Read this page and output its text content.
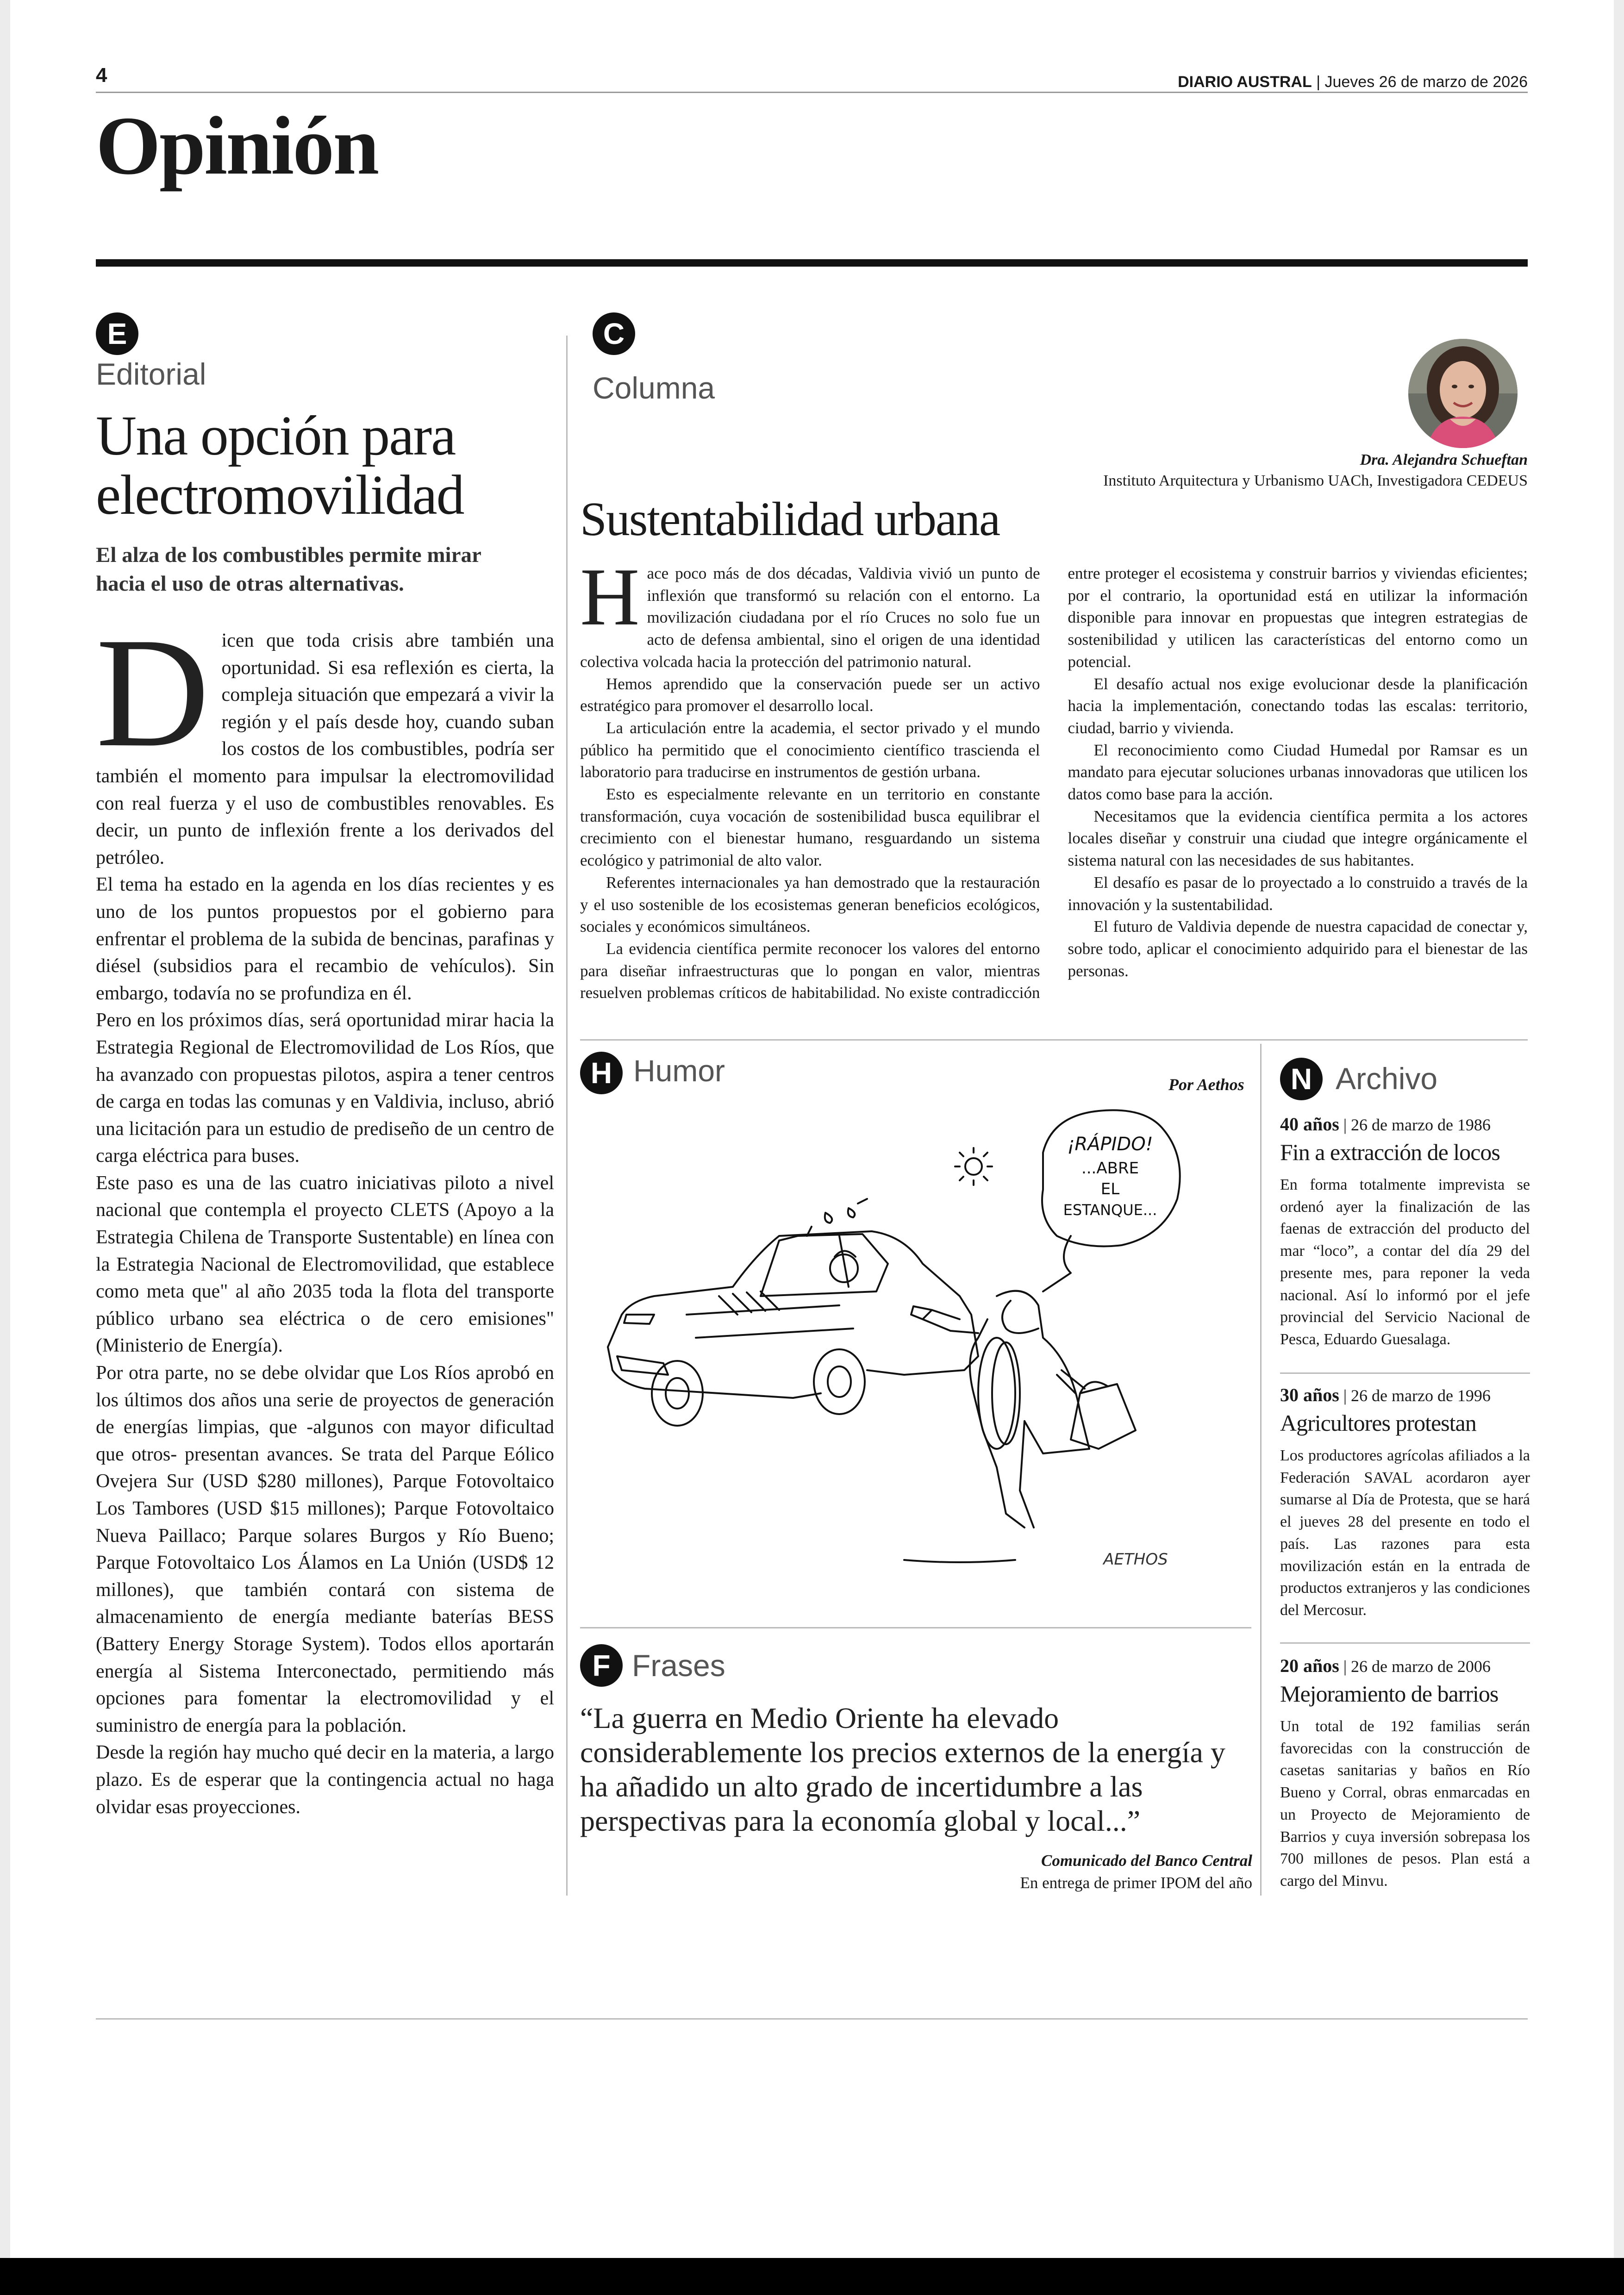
4	DIARIO AUSTRAL | Jueves 26 de marzo de 2026
Opinión
E
Editorial
Una opción para electromovilidad
El alza de los combustibles permite mirar hacia el uso de otras alternativas.

Dicen que toda crisis abre también una oportunidad. Si esa reflexión es cierta, la compleja situación que empezará a vivir la región y el país desde hoy, cuando suban los costos de los combustibles, podría ser también el momento para impulsar la electromovilidad con real fuerza y el uso de combustibles renovables. Es decir, un punto de inflexión frente a los derivados del petróleo.

El tema ha estado en la agenda en los días recientes y es uno de los puntos propuestos por el gobierno para enfrentar el problema de la subida de bencinas, parafinas y diésel (subsidios para el recambio de vehículos). Sin embargo, todavía no se profundiza en él.

Pero en los próximos días, será oportunidad mirar hacia la Estrategia Regional de Electromovilidad de Los Ríos, que ha avanzado con propuestas pilotos, aspira a tener centros de carga en todas las comunas y en Valdivia, incluso, abrió una licitación para un estudio de prediseño de un centro de carga eléctrica para buses.

Este paso es una de las cuatro iniciativas piloto a nivel nacional que contempla el proyecto CLETS (Apoyo a la Estrategia Chilena de Transporte Sustentable) en línea con la Estrategia Nacional de Electromovilidad, que establece como meta que" al año 2035 toda la flota del transporte público urbano sea eléctrica o de cero emisiones" (Ministerio de Energía).

Por otra parte, no se debe olvidar que Los Ríos aprobó en los últimos dos años una serie de proyectos de generación de energías limpias, que -algunos con mayor dificultad que otros- presentan avances. Se trata del Parque Eólico Ovejera Sur (USD $280 millones), Parque Fotovoltaico Los Tambores (USD $15 millones); Parque Fotovoltaico Nueva Paillaco; Parque solares Burgos y Río Bueno; Parque Fotovoltaico Los Álamos en La Unión (USD$ 12 millones), que también contará con sistema de almacenamiento de energía mediante baterías BESS (Battery Energy Storage System). Todos ellos aportarán energía al Sistema Interconectado, permitiendo más opciones para fomentar la electromovilidad y el suministro de energía para la población.

Desde la región hay mucho qué decir en la materia, a largo plazo. Es de esperar que la contingencia actual no haga olvidar esas proyecciones.

C
Columna
Dra. Alejandra Schueftan
Instituto Arquitectura y Urbanismo UACh, Investigadora CEDEUS
Sustentabilidad urbana

Hace poco más de dos décadas, Valdivia vivió un punto de inflexión que transformó su relación con el entorno. La movilización ciudadana por el río Cruces no solo fue un acto de defensa ambiental, sino el origen de una identidad colectiva volcada hacia la protección del patrimonio natural.

Hemos aprendido que la conservación puede ser un activo estratégico para promover el desarrollo local.

La articulación entre la academia, el sector privado y el mundo público ha permitido que el conocimiento científico trascienda el laboratorio para traducirse en instrumentos de gestión urbana.

Esto es especialmente relevante en un territorio en constante transformación, cuya vocación de sostenibilidad busca equilibrar el crecimiento con el bienestar humano, resguardando un sistema ecológico y patrimonial de alto valor.

Referentes internacionales ya han demostrado que la restauración y el uso sostenible de los ecosistemas generan beneficios ecológicos, sociales y económicos simultáneos.

La evidencia científica permite reconocer los valores del entorno para diseñar infraestructuras que lo pongan en valor, mientras resuelven problemas críticos de habitabilidad. No existe contradicción entre proteger el ecosistema y construir barrios y viviendas eficientes; por el contrario, la oportunidad está en utilizar la información disponible para innovar en propuestas que integren estrategias de sostenibilidad y utilicen las características del entorno como un potencial.

El desafío actual nos exige evolucionar desde la planificación hacia la implementación, conectando todas las escalas: territorio, ciudad, barrio y vivienda.

El reconocimiento como Ciudad Humedal por Ramsar es un mandato para ejecutar soluciones urbanas innovadoras que utilicen los datos como base para la acción.

Necesitamos que la evidencia científica permita a los actores locales diseñar y construir una ciudad que integre orgánicamente el sistema natural con las necesidades de sus habitantes.

El desafío es pasar de lo proyectado a lo construido a través de la innovación y la sustentabilidad.

El futuro de Valdivia depende de nuestra capacidad de conectar y, sobre todo, aplicar el conocimiento adquirido para el bienestar de las personas.

H Humor	Por Aethos
¡RÁPIDO!
...ABRE
EL
ESTANQUE...
AETHOS
F Frases
“La guerra en Medio Oriente ha elevado considerablemente los precios externos de la energía y ha añadido un alto grado de incertidumbre a las perspectivas para la economía global y local...”
Comunicado del Banco Central
En entrega de primer IPOM del año
N Archivo
40 años | 26 de marzo de 1986
Fin a extracción de locos
En forma totalmente imprevista se ordenó ayer la finalización de las faenas de extracción del producto del mar “loco”, a contar del día 29 del presente mes, para reponer la veda nacional. Así lo informó por el jefe provincial del Servicio Nacional de Pesca, Eduardo Guesalaga.
30 años | 26 de marzo de 1996
Agricultores protestan
Los productores agrícolas afiliados a la Federación SAVAL acordaron ayer sumarse al Día de Protesta, que se hará el jueves 28 del presente en todo el país. Las razones para esta movilización están en la entrada de productos extranjeros y las condiciones del Mercosur.
20 años | 26 de marzo de 2006
Mejoramiento de barrios
Un total de 192 familias serán favorecidas con la construcción de casetas sanitarias y baños en Río Bueno y Corral, obras enmarcadas en un Proyecto de Mejoramiento de Barrios y cuya inversión sobrepasa los 700 millones de pesos. Plan está a cargo del Minvu.
